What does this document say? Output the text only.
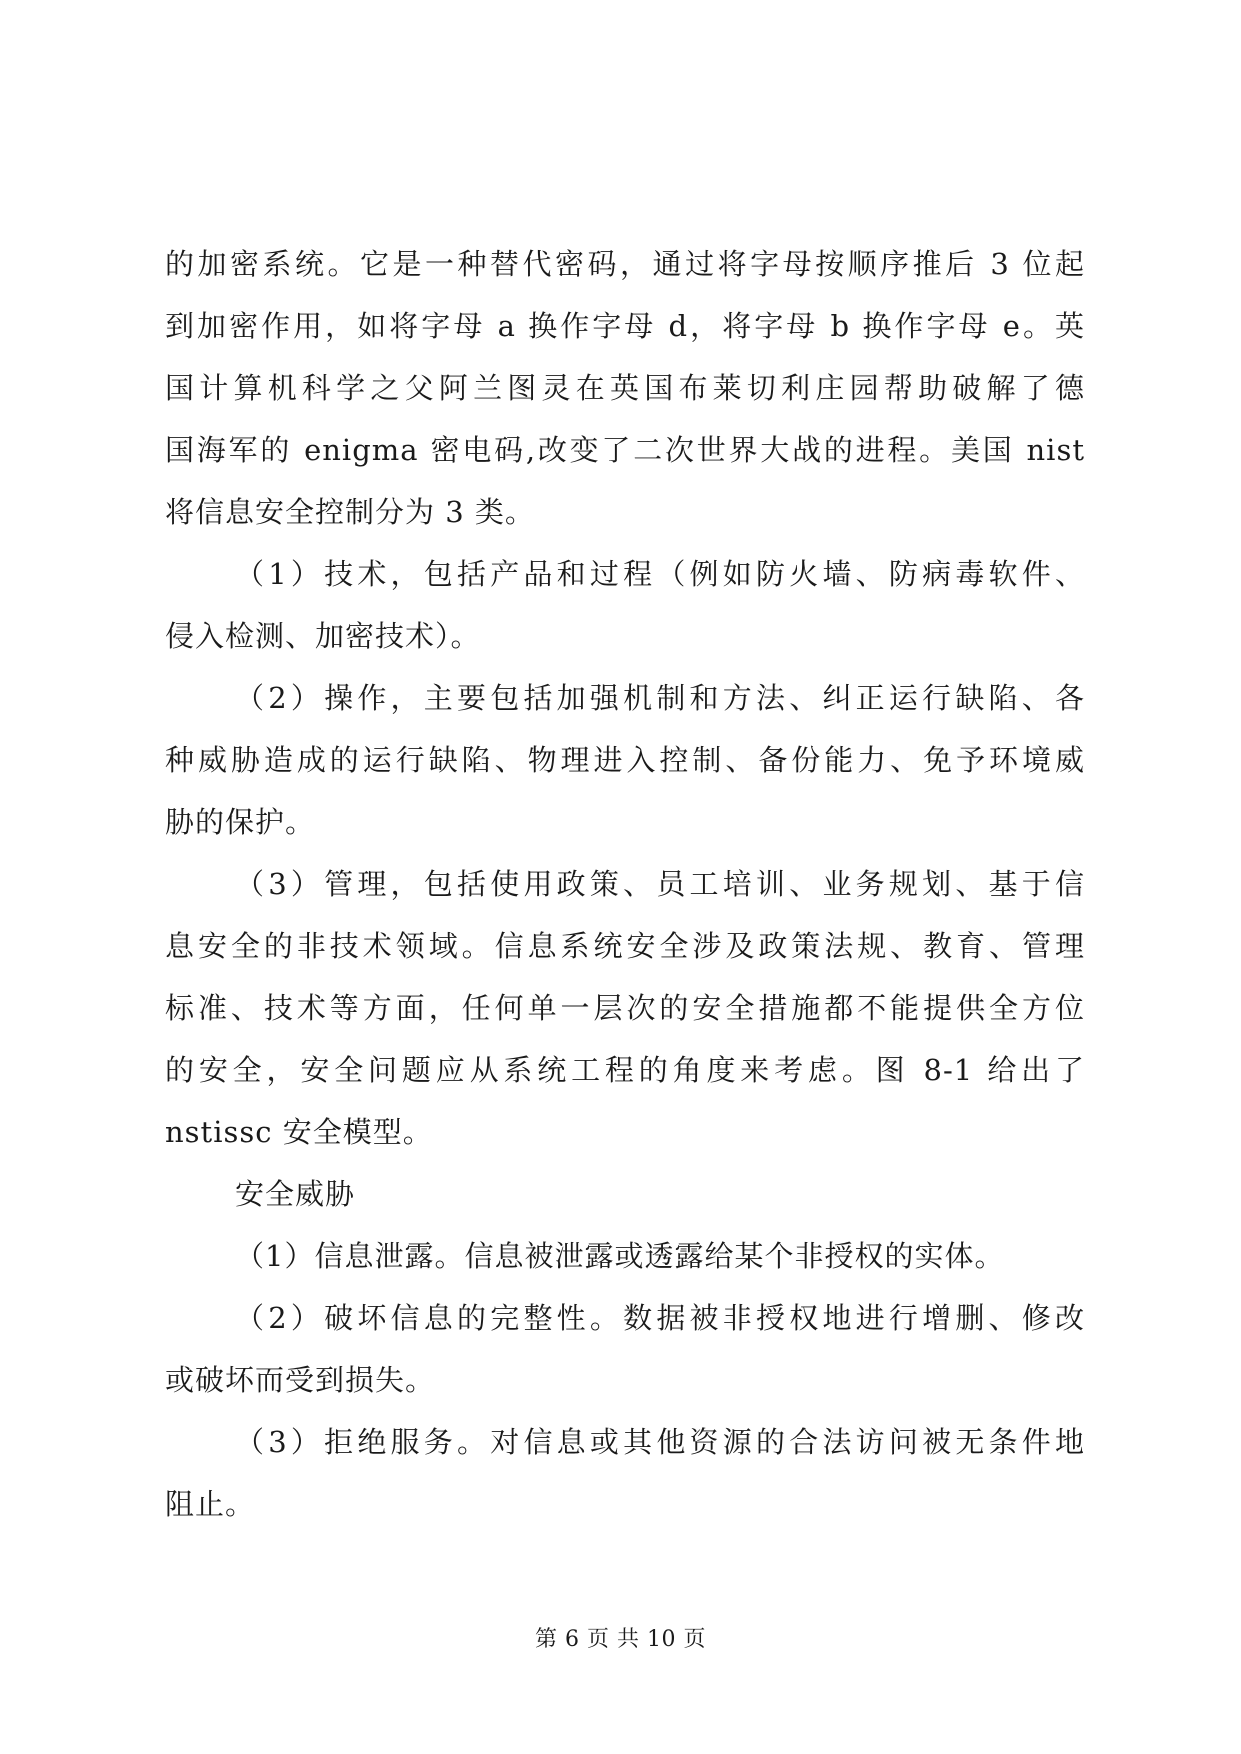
的加密系统。它是一种替代密码，通过将字母按顺序推后 3 位起
到加密作用，如将字母 a 换作字母 d，将字母 b 换作字母 e。英
国计算机科学之父阿兰图灵在英国布莱切利庄园帮助破解了德
国海军的 enigma 密电码,改变了二次世界大战的进程。美国 nist
将信息安全控制分为 3 类。
（1）技术，包括产品和过程（例如防火墙、防病毒软件、
侵入检测、加密技术）。
（2）操作，主要包括加强机制和方法、纠正运行缺陷、各
种威胁造成的运行缺陷、物理进入控制、备份能力、免予环境威
胁的保护。
（3）管理，包括使用政策、员工培训、业务规划、基于信
息安全的非技术领域。信息系统安全涉及政策法规、教育、管理
标准、技术等方面，任何单一层次的安全措施都不能提供全方位
的安全，安全问题应从系统工程的角度来考虑。图 8-1 给出了
nstissc 安全模型。
安全威胁
（1）信息泄露。信息被泄露或透露给某个非授权的实体。
（2）破坏信息的完整性。数据被非授权地进行增删、修改
或破坏而受到损失。
（3）拒绝服务。对信息或其他资源的合法访问被无条件地
阻止。
第 6 页 共 10 页
